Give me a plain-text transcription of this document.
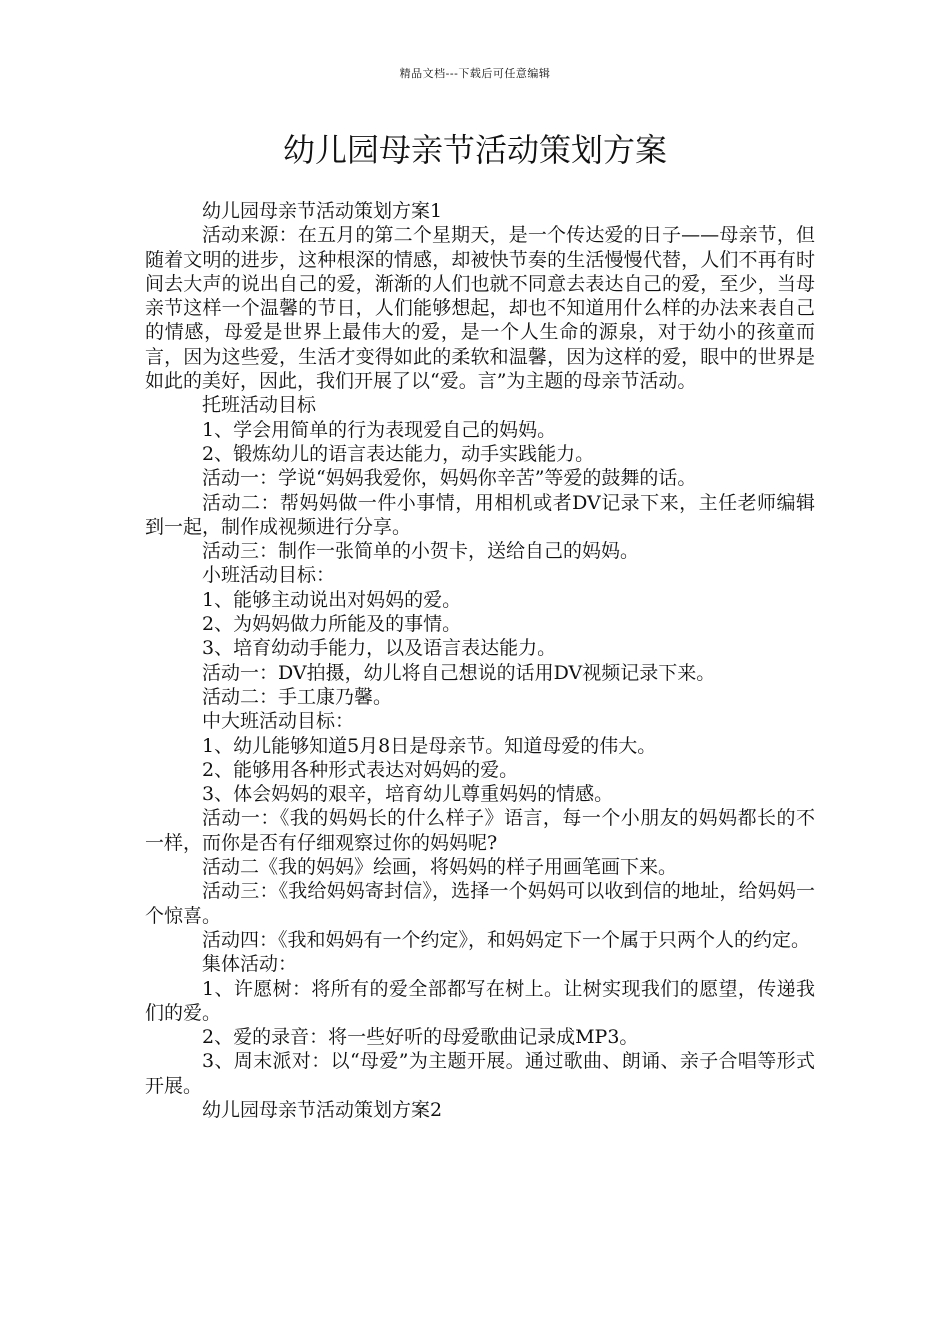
精品文档---下载后可任意编辑
幼儿园母亲节活动策划方案

幼儿园母亲节活动策划方案1

活动来源：在五月的第二个星期天，是一个传达爱的日子——母亲节，但随着文明的进步，这种根深的情感，却被快节奏的生活慢慢代替，人们不再有时间去大声的说出自己的爱，渐渐的人们也就不同意去表达自己的爱，至少，当母亲节这样一个温馨的节日，人们能够想起，却也不知道用什么样的办法来表自己的情感，母爱是世界上最伟大的爱，是一个人生命的源泉，对于幼小的孩童而言，因为这些爱，生活才变得如此的柔软和温馨，因为这样的爱，眼中的世界是如此的美好，因此，我们开展了以“爱。言”为主题的母亲节活动。

托班活动目标

1、学会用简单的行为表现爱自己的妈妈。

2、锻炼幼儿的语言表达能力，动手实践能力。

活动一：学说“妈妈我爱你，妈妈你辛苦”等爱的鼓舞的话。

活动二：帮妈妈做一件小事情，用相机或者DV记录下来，主任老师编辑到一起，制作成视频进行分享。

活动三：制作一张简单的小贺卡，送给自己的妈妈。

小班活动目标：

1、能够主动说出对妈妈的爱。

2、为妈妈做力所能及的事情。

3、培育幼动手能力，以及语言表达能力。

活动一：DV拍摄，幼儿将自己想说的话用DV视频记录下来。

活动二：手工康乃馨。

中大班活动目标：

1、幼儿能够知道5月8日是母亲节。知道母爱的伟大。

2、能够用各种形式表达对妈妈的爱。

3、体会妈妈的艰辛，培育幼儿尊重妈妈的情感。

活动一：《我的妈妈长的什么样子》语言，每一个小朋友的妈妈都长的不一样，而你是否有仔细观察过你的妈妈呢?

活动二《我的妈妈》绘画，将妈妈的样子用画笔画下来。

活动三：《我给妈妈寄封信》，选择一个妈妈可以收到信的地址，给妈妈一个惊喜。

活动四：《我和妈妈有一个约定》，和妈妈定下一个属于只两个人的约定。

集体活动：

1、许愿树：将所有的爱全部都写在树上。让树实现我们的愿望，传递我们的爱。

2、爱的录音：将一些好听的母爱歌曲记录成MP3。

3、周末派对：以“母爱”为主题开展。通过歌曲、朗诵、亲子合唱等形式开展。

幼儿园母亲节活动策划方案2
